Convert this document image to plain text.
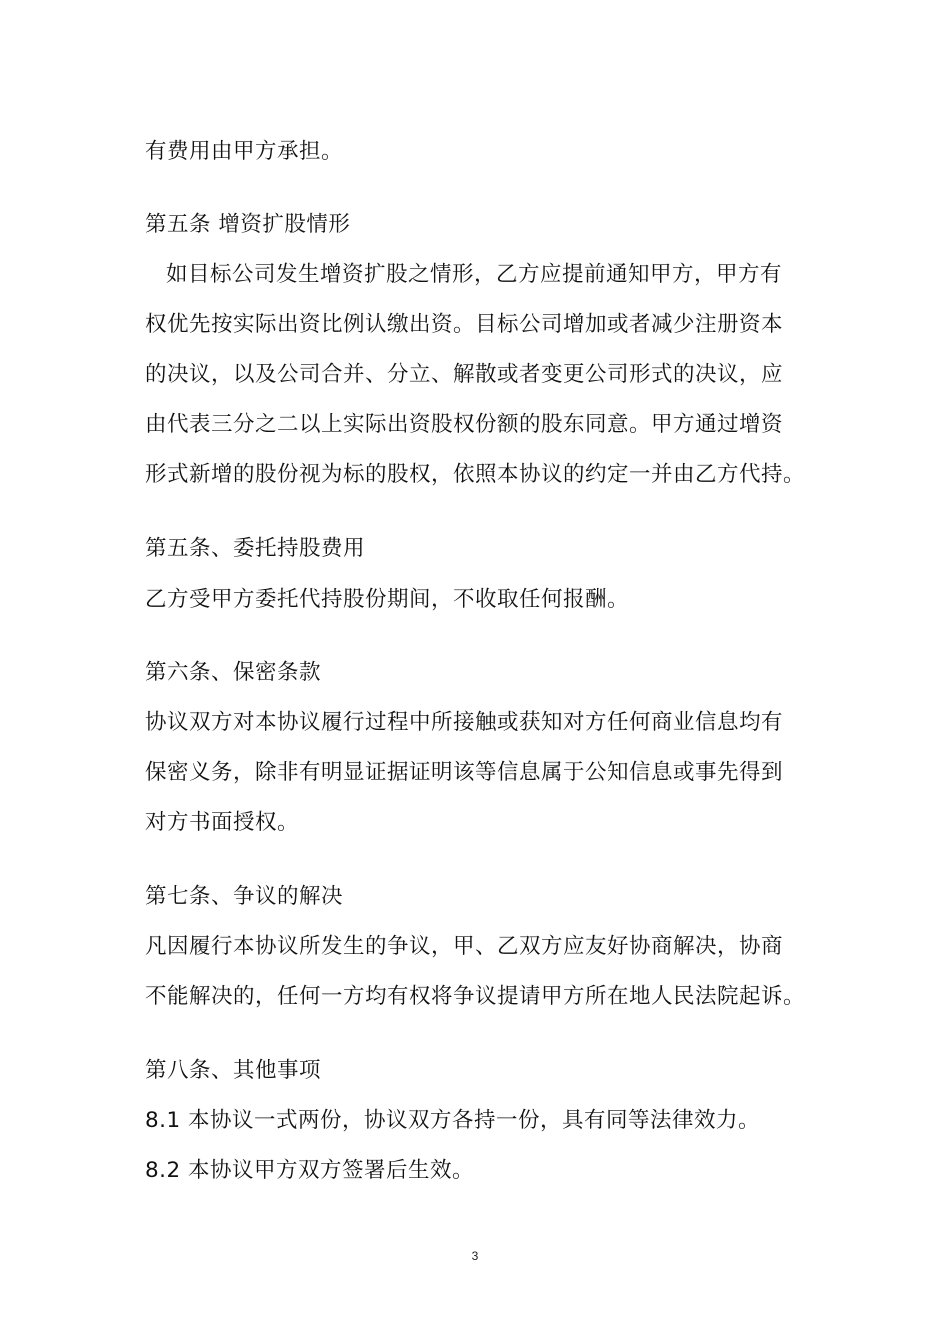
有费用由甲方承担。
第五条 增资扩股情形
如目标公司发生增资扩股之情形，乙方应提前通知甲方，甲方有
权优先按实际出资比例认缴出资。目标公司增加或者减少注册资本
的决议，以及公司合并、分立、解散或者变更公司形式的决议，应
由代表三分之二以上实际出资股权份额的股东同意。甲方通过增资
形式新增的股份视为标的股权，依照本协议的约定一并由乙方代持。
第五条、委托持股费用
乙方受甲方委托代持股份期间，不收取任何报酬。
第六条、保密条款
协议双方对本协议履行过程中所接触或获知对方任何商业信息均有
保密义务，除非有明显证据证明该等信息属于公知信息或事先得到
对方书面授权。
第七条、争议的解决
凡因履行本协议所发生的争议，甲、乙双方应友好协商解决，协商
不能解决的，任何一方均有权将争议提请甲方所在地人民法院起诉。
第八条、其他事项
8.1 本协议一式两份，协议双方各持一份，具有同等法律效力。
8.2 本协议甲方双方签署后生效。
3
